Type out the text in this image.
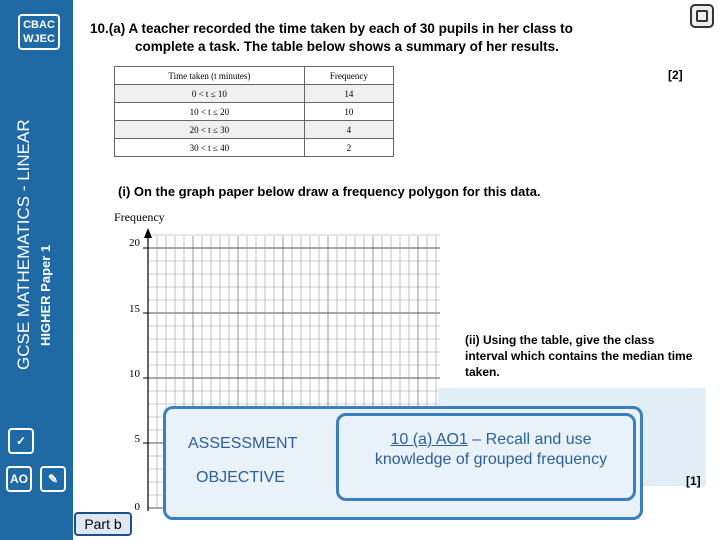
CBAC
WJEC
GCSE MATHEMATICS - LINEAR HIGHER Paper 1
✓
AO	✎
10.(a) A teacher recorded the time taken by each of 30 pupils in her class to
complete a task. The table below shows a summary of her results.
[2]
Time taken (t minutes)	Frequency
0 < t ≤ 10	14
10 < t ≤ 20	10
20 < t ≤ 30	4
30 < t ≤ 40	2
(i) On the graph paper below draw a frequency polygon for this data.
Frequency
20
15
10
5
0
(ii) Using the table, give the class interval which contains the median time taken.
[1]
ASSESSMENT
OBJECTIVE
10 (a) AO1 – Recall and use knowledge of grouped frequency
Part b
